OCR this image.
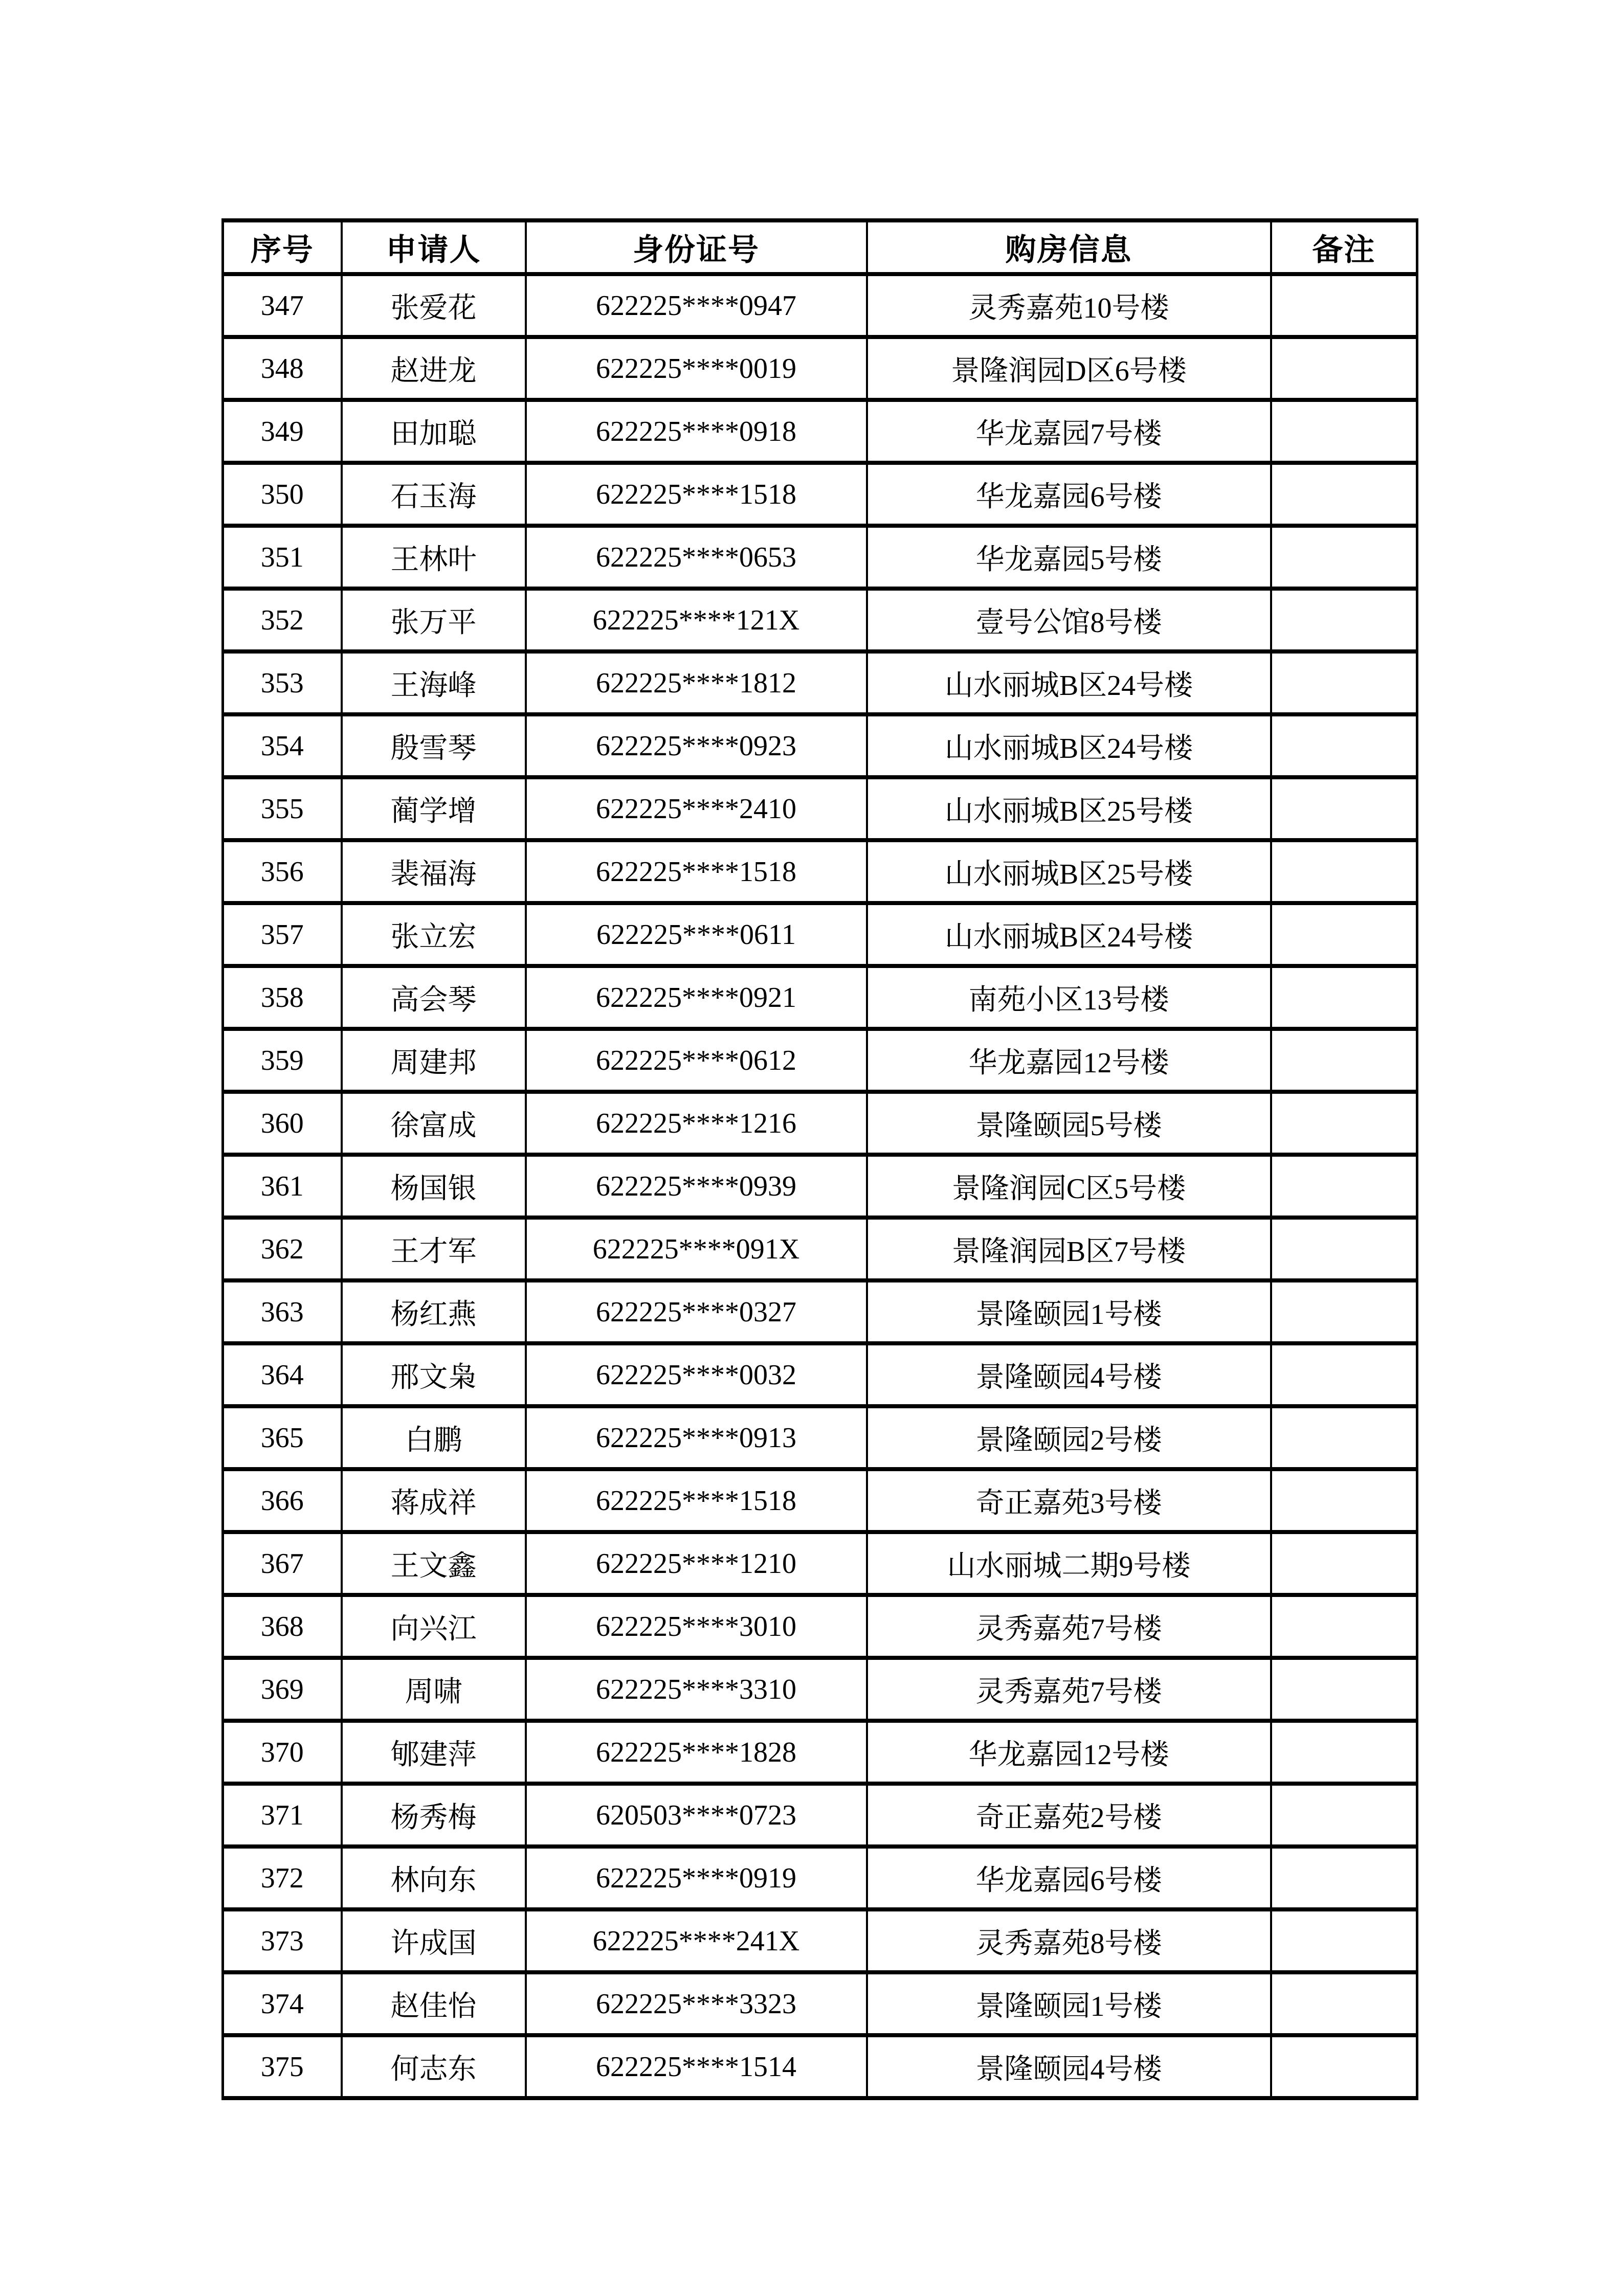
序号	申请人	身份证号	购房信息	备注
347	张爱花	622225****0947	灵秀嘉苑10号楼	
348	赵进龙	622225****0019	景隆润园D区6号楼	
349	田加聪	622225****0918	华龙嘉园7号楼	
350	石玉海	622225****1518	华龙嘉园6号楼	
351	王林叶	622225****0653	华龙嘉园5号楼	
352	张万平	622225****121X	壹号公馆8号楼	
353	王海峰	622225****1812	山水丽城B区24号楼	
354	殷雪琴	622225****0923	山水丽城B区24号楼	
355	蔺学增	622225****2410	山水丽城B区25号楼	
356	裴福海	622225****1518	山水丽城B区25号楼	
357	张立宏	622225****0611	山水丽城B区24号楼	
358	高会琴	622225****0921	南苑小区13号楼	
359	周建邦	622225****0612	华龙嘉园12号楼	
360	徐富成	622225****1216	景隆颐园5号楼	
361	杨国银	622225****0939	景隆润园C区5号楼	
362	王才军	622225****091X	景隆润园B区7号楼	
363	杨红燕	622225****0327	景隆颐园1号楼	
364	邢文枭	622225****0032	景隆颐园4号楼	
365	白鹏	622225****0913	景隆颐园2号楼	
366	蒋成祥	622225****1518	奇正嘉苑3号楼	
367	王文鑫	622225****1210	山水丽城二期9号楼	
368	向兴江	622225****3010	灵秀嘉苑7号楼	
369	周啸	622225****3310	灵秀嘉苑7号楼	
370	郇建萍	622225****1828	华龙嘉园12号楼	
371	杨秀梅	620503****0723	奇正嘉苑2号楼	
372	林向东	622225****0919	华龙嘉园6号楼	
373	许成国	622225****241X	灵秀嘉苑8号楼	
374	赵佳怡	622225****3323	景隆颐园1号楼	
375	何志东	622225****1514	景隆颐园4号楼	
